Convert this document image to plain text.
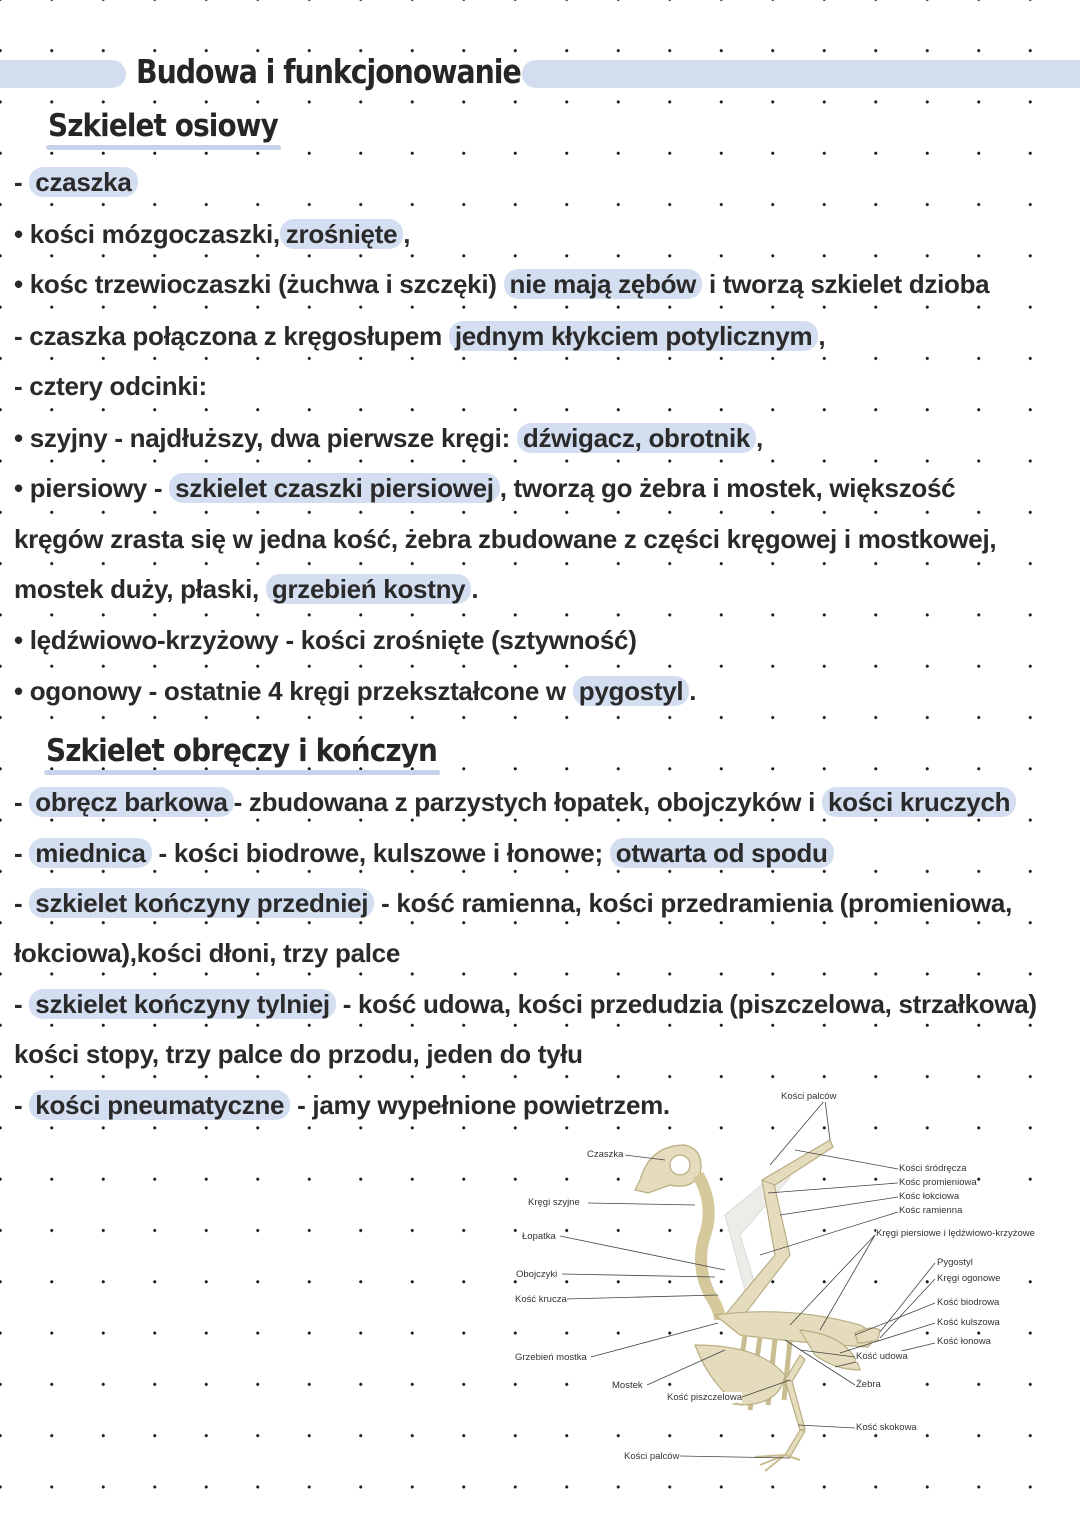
Budowa i funkcjonowanie
Szkielet osiowy
- czaszka
• kości mózgoczaszki, zrośnięte ,
• kośc trzewioczaszki (żuchwa i szczęki) nie mają zębów i tworzą szkielet dzioba
- czaszka połączona z kręgosłupem jednym kłykciem potylicznym ,
- cztery odcinki:
• szyjny - najdłuższy, dwa pierwsze kręgi: dźwigacz, obrotnik ,
• piersiowy - szkielet czaszki piersiowej , tworzą go żebra i mostek, większość
kręgów zrasta się w jedna kość, żebra zbudowane z części kręgowej i mostkowej,
mostek duży, płaski, grzebień kostny .
• lędźwiowo-krzyżowy - kości zrośnięte (sztywność)
• ogonowy - ostatnie 4 kręgi przekształcone w pygostyl .
Szkielet obręczy i kończyn
- obręcz barkowa - zbudowana z parzystych łopatek, obojczyków i kości kruczych
- miednica - kości biodrowe, kulszowe i łonowe; otwarta od spodu
- szkielet kończyny przedniej - kość ramienna, kości przedramienia (promieniowa,
łokciowa),kości dłoni, trzy palce
- szkielet kończyny tylniej - kość udowa, kości przedudzia (piszczelowa, strzałkowa)
kości stopy, trzy palce do przodu, jeden do tyłu
- kości pneumatyczne - jamy wypełnione powietrzem.	Kości palców
Czaszka
Kręgi szyjne
Łopatka
Obojczyki
Kość krucza
Grzebień mostka
Mostek
Kość piszczelowa
Kości palców
Kości śródręcza
Kośc promieniowa
Kośc łokciowa
Kośc ramienna
Kręgi piersiowe i lędźwiowo-krzyżowe
Pygostyl
Kręgi ogonowe
Kość biodrowa
Kość kulszowa
Kość łonowa
Kość udowa
Żebra
Kość skokowa
